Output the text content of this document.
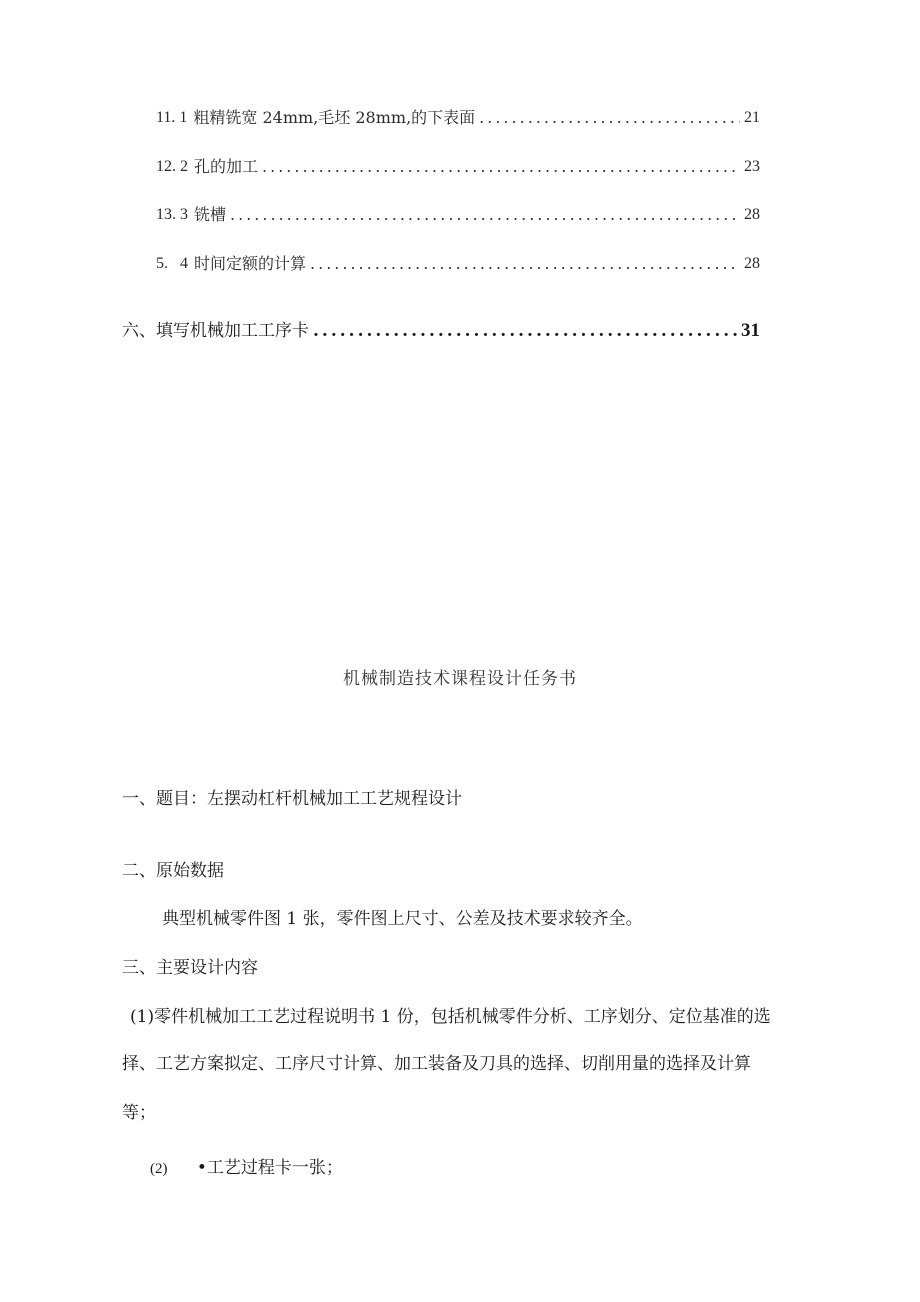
11. 1 粗精铣宽 24mm,毛坯 28mm,的下表面 .....	21
12. 2 孔的加工 .....	23
13. 3 铣槽 .....	28
5.   4 时间定额的计算 .....	28
六、填写机械加工工序卡 .....	31
机械制造技术课程设计任务书
一、题目：左摆动杠杆机械加工工艺规程设计
二、原始数据
典型机械零件图 1 张，零件图上尺寸、公差及技术要求较齐全。
三、主要设计内容
(1)零件机械加工工艺过程说明书 1 份，包括机械零件分析、工序划分、定位基准的选
择、工艺方案拟定、工序尺寸计算、加工装备及刀具的选择、切削用量的选择及计算
等；
(2) •工艺过程卡一张；
